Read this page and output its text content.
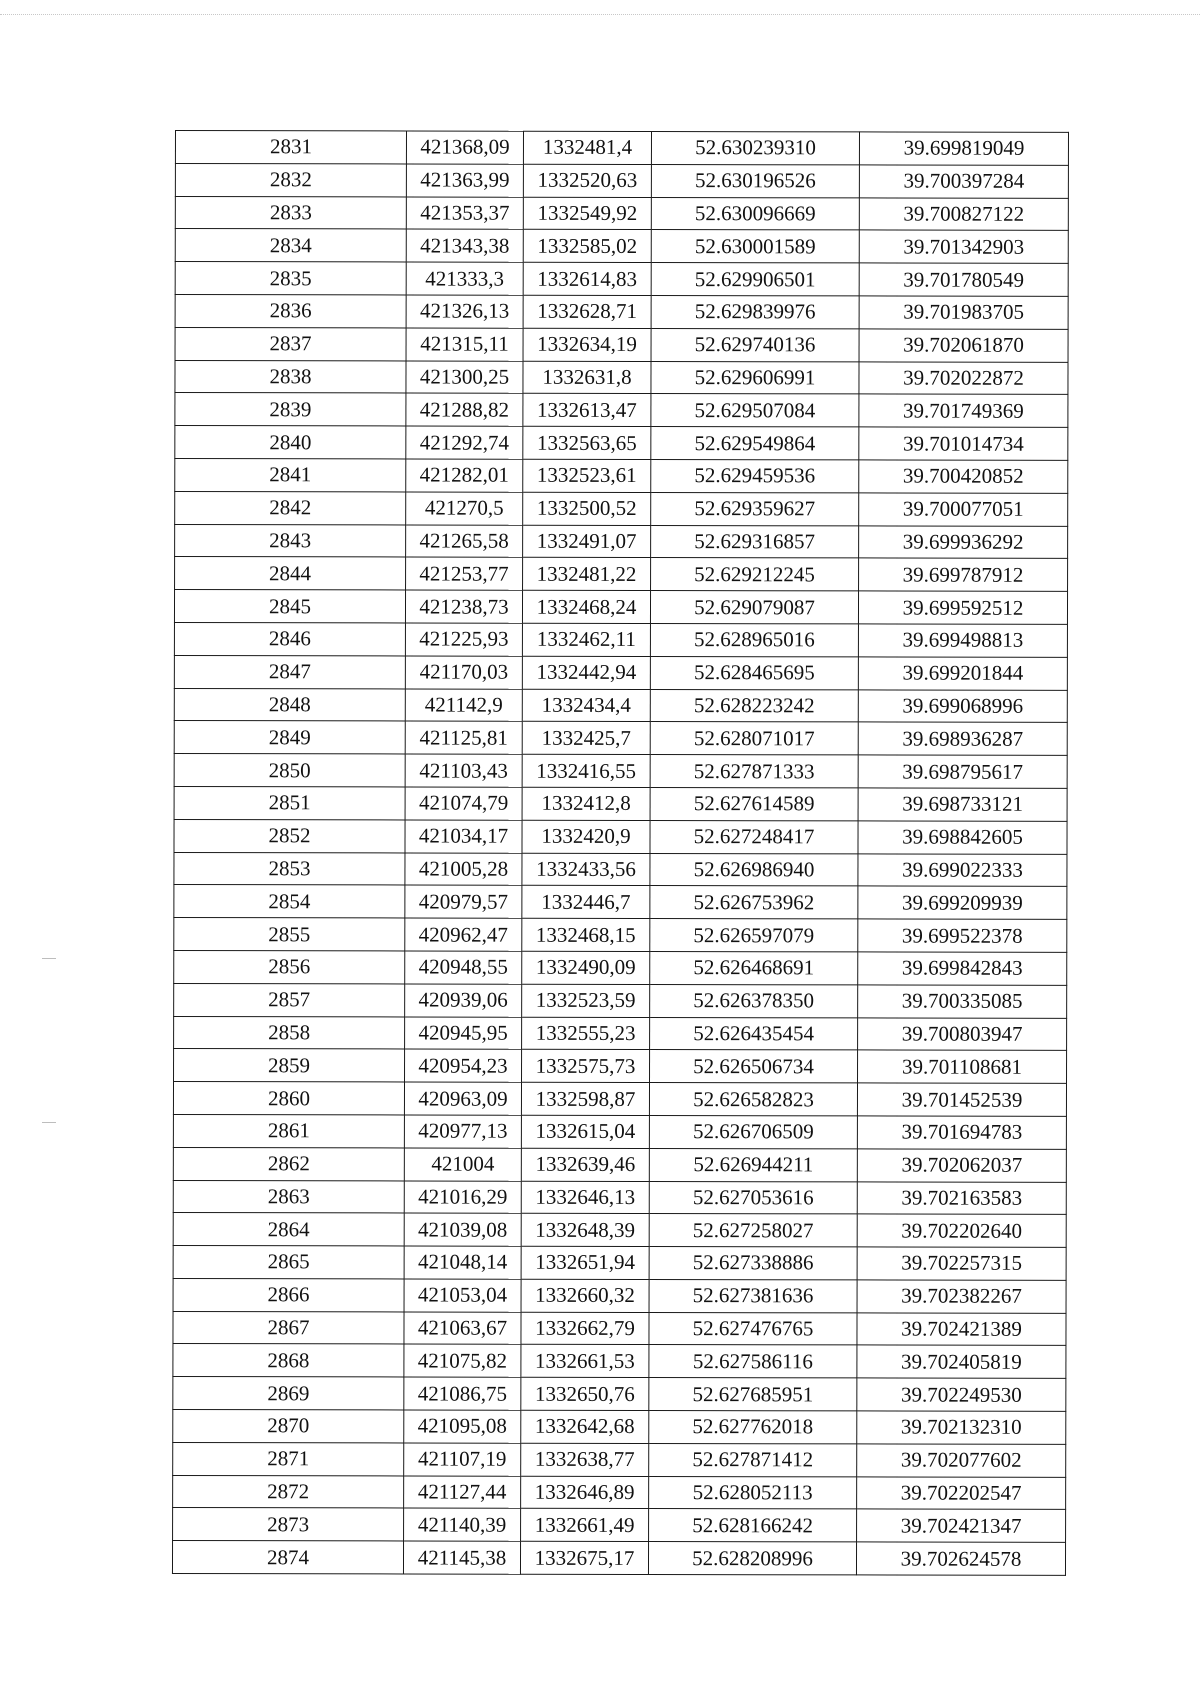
2831	421368,09	1332481,4	52.630239310	39.699819049
2832	421363,99	1332520,63	52.630196526	39.700397284
2833	421353,37	1332549,92	52.630096669	39.700827122
2834	421343,38	1332585,02	52.630001589	39.701342903
2835	421333,3	1332614,83	52.629906501	39.701780549
2836	421326,13	1332628,71	52.629839976	39.701983705
2837	421315,11	1332634,19	52.629740136	39.702061870
2838	421300,25	1332631,8	52.629606991	39.702022872
2839	421288,82	1332613,47	52.629507084	39.701749369
2840	421292,74	1332563,65	52.629549864	39.701014734
2841	421282,01	1332523,61	52.629459536	39.700420852
2842	421270,5	1332500,52	52.629359627	39.700077051
2843	421265,58	1332491,07	52.629316857	39.699936292
2844	421253,77	1332481,22	52.629212245	39.699787912
2845	421238,73	1332468,24	52.629079087	39.699592512
2846	421225,93	1332462,11	52.628965016	39.699498813
2847	421170,03	1332442,94	52.628465695	39.699201844
2848	421142,9	1332434,4	52.628223242	39.699068996
2849	421125,81	1332425,7	52.628071017	39.698936287
2850	421103,43	1332416,55	52.627871333	39.698795617
2851	421074,79	1332412,8	52.627614589	39.698733121
2852	421034,17	1332420,9	52.627248417	39.698842605
2853	421005,28	1332433,56	52.626986940	39.699022333
2854	420979,57	1332446,7	52.626753962	39.699209939
2855	420962,47	1332468,15	52.626597079	39.699522378
2856	420948,55	1332490,09	52.626468691	39.699842843
2857	420939,06	1332523,59	52.626378350	39.700335085
2858	420945,95	1332555,23	52.626435454	39.700803947
2859	420954,23	1332575,73	52.626506734	39.701108681
2860	420963,09	1332598,87	52.626582823	39.701452539
2861	420977,13	1332615,04	52.626706509	39.701694783
2862	421004	1332639,46	52.626944211	39.702062037
2863	421016,29	1332646,13	52.627053616	39.702163583
2864	421039,08	1332648,39	52.627258027	39.702202640
2865	421048,14	1332651,94	52.627338886	39.702257315
2866	421053,04	1332660,32	52.627381636	39.702382267
2867	421063,67	1332662,79	52.627476765	39.702421389
2868	421075,82	1332661,53	52.627586116	39.702405819
2869	421086,75	1332650,76	52.627685951	39.702249530
2870	421095,08	1332642,68	52.627762018	39.702132310
2871	421107,19	1332638,77	52.627871412	39.702077602
2872	421127,44	1332646,89	52.628052113	39.702202547
2873	421140,39	1332661,49	52.628166242	39.702421347
2874	421145,38	1332675,17	52.628208996	39.702624578
